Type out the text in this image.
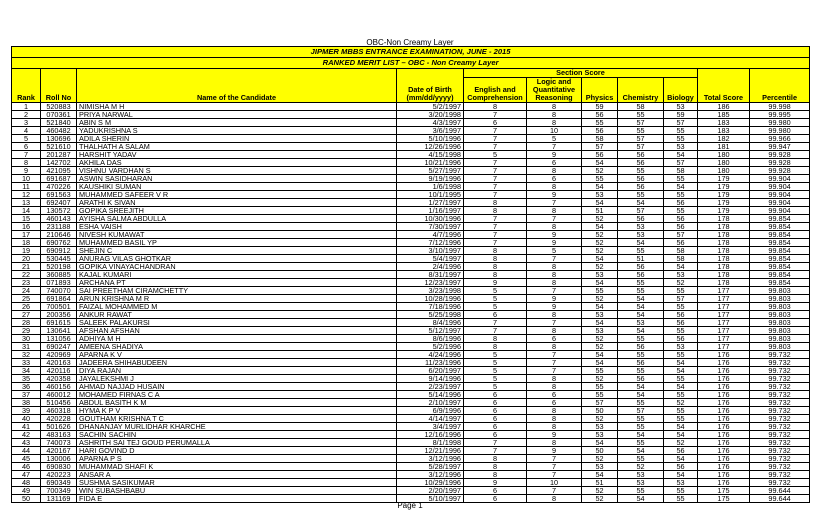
OBC-Non Creamy Layer
JIPMER MBBS ENTRANCE EXAMINATION, JUNE - 2015										
RANKED MERIT LIST – OBC - Non Creamy Layer										
Rank	Roll No	Name of the Candidate	Date of Birth (mm/dd/yyyy)	Section Score					Total Score	Percentile
				English and Comprehension	Logic and Quantitative Reasoning	Physics	Chemistry	Biology		
1	520883	NIMISHA M H	5/2/1997	8	8	59	58	53	186	99.998
2	070361	PRIYA NARWAL	3/20/1998	7	8	56	55	59	185	99.995
3	521840	ABIN S M	4/3/1997	6	8	55	57	57	183	99.980
4	460482	YADUKRISHNA S	3/6/1997	7	10	56	55	55	183	99.980
5	130696	ADILA SHERIN	5/10/1996	7	5	58	57	55	182	99.966
6	521610	THALHATH A SALAM	12/26/1996	7	7	57	57	53	181	99.947
7	201287	HARSHIT YADAV	4/15/1998	5	9	56	56	54	180	99.928
8	142702	AKHILA DAS	10/21/1996	7	6	54	56	57	180	99.928
9	421095	VISHNU VARDHAN S	5/27/1997	7	8	52	55	58	180	99.928
10	691687	ASWIN SASIDHARAN	9/19/1996	7	6	55	56	55	179	99.904
11	470226	KAUSHIKI SUMAN	1/6/1998	7	8	54	56	54	179	99.904
12	691563	MUHAMMED SAFEER V R	10/1/1995	7	9	53	55	55	179	99.904
13	692407	ARATHI K SIVAN	1/27/1997	8	7	54	54	56	179	99.904
14	130572	GOPIKA SREEJITH	1/16/1997	8	8	51	57	55	179	99.904
15	460143	AYISHA SALMA ABDULLA	10/30/1996	7	7	52	56	56	178	99.854
16	231188	ESHA VAISH	7/30/1997	7	8	54	53	56	178	99.854
17	210646	NIVESH KUMAWAT	4/7/1996	7	9	52	53	57	178	99.854
18	690762	MUHAMMED BASIL YP	7/12/1996	7	9	52	54	56	178	99.854
19	690912	SHEJIN C	3/10/1997	8	5	52	55	58	178	99.854
20	530445	ANURAG VILAS GHOTKAR	5/4/1997	8	7	54	51	58	178	99.854
21	520198	GOPIKA VINAYACHANDRAN	2/4/1996	8	8	52	56	54	178	99.854
22	360885	KAJAL KUMARI	8/31/1997	8	8	53	56	53	178	99.854
23	071893	ARCHANA PT	12/23/1997	9	8	54	55	52	178	99.854
24	740070	SAI PREETHAM CIRAMCHETTY	3/23/1998	5	7	55	55	55	177	99.803
25	691864	ARUN KRISHNA M R	10/28/1996	5	9	52	54	57	177	99.803
26	700501	FAIZAL MOHAMMED M	7/18/1996	5	9	54	54	55	177	99.803
27	200356	ANKUR RAWAT	5/25/1998	6	8	53	54	56	177	99.803
28	691615	SALEEK PALAKURSI	8/4/1996	7	7	54	53	56	177	99.803
29	130641	AFSHAN AFSHAN	5/12/1997	7	8	53	54	55	177	99.803
30	131056	ADHIYA M H	8/6/1996	8	6	52	55	56	177	99.803
31	690247	AMEENA SHADIYA	5/2/1996	8	8	52	56	53	177	99.803
32	420969	APARNA K V	4/24/1996	5	7	54	55	55	176	99.732
33	420163	JADEERA SHIHABUDEEN	11/23/1996	5	7	54	56	54	176	99.732
34	420116	DIYA RAJAN	6/20/1997	5	7	55	55	54	176	99.732
35	420358	JAYALEKSHMI J	9/14/1996	5	8	52	56	55	176	99.732
36	460156	AHMAD NAJJAD HUSAIN	2/23/1997	5	8	55	54	54	176	99.732
37	460012	MOHAMED FIRNAS C A	5/14/1996	6	6	55	54	55	176	99.732
38	510456	ABDUL BASITH K M	2/10/1997	6	6	57	55	52	176	99.732
39	460318	HYMA K P V	6/9/1996	6	8	50	57	55	176	99.732
40	420228	GOUTHAM KRISHNA T C	4/14/1997	6	8	52	55	55	176	99.732
41	501626	DHANANJAY MURLIDHAR KHARCHE	3/4/1997	6	8	53	55	54	176	99.732
42	483163	SACHIN SACHIN	12/16/1996	6	9	53	54	54	176	99.732
43	740073	ASHRITH SAI TEJ GOUD PERUMALLA	8/1/1998	7	8	54	55	52	176	99.732
44	420167	HARI GOVIND D	12/21/1996	7	9	50	54	56	176	99.732
45	130006	APARNA P S	3/12/1996	8	7	52	55	54	176	99.732
46	690830	MUHAMMAD SHAFI K	5/28/1997	8	7	53	52	56	176	99.732
47	420223	ANSAR A	3/12/1996	8	7	54	53	54	176	99.732
48	690349	SUSHMA SASIKUMAR	10/29/1996	9	10	51	53	53	176	99.732
49	700349	WIN SUBASHBABU	2/20/1997	6	7	52	55	55	175	99.644
50	131169	FIDA E	5/10/1997	6	8	52	54	55	175	99.644
Page 1
